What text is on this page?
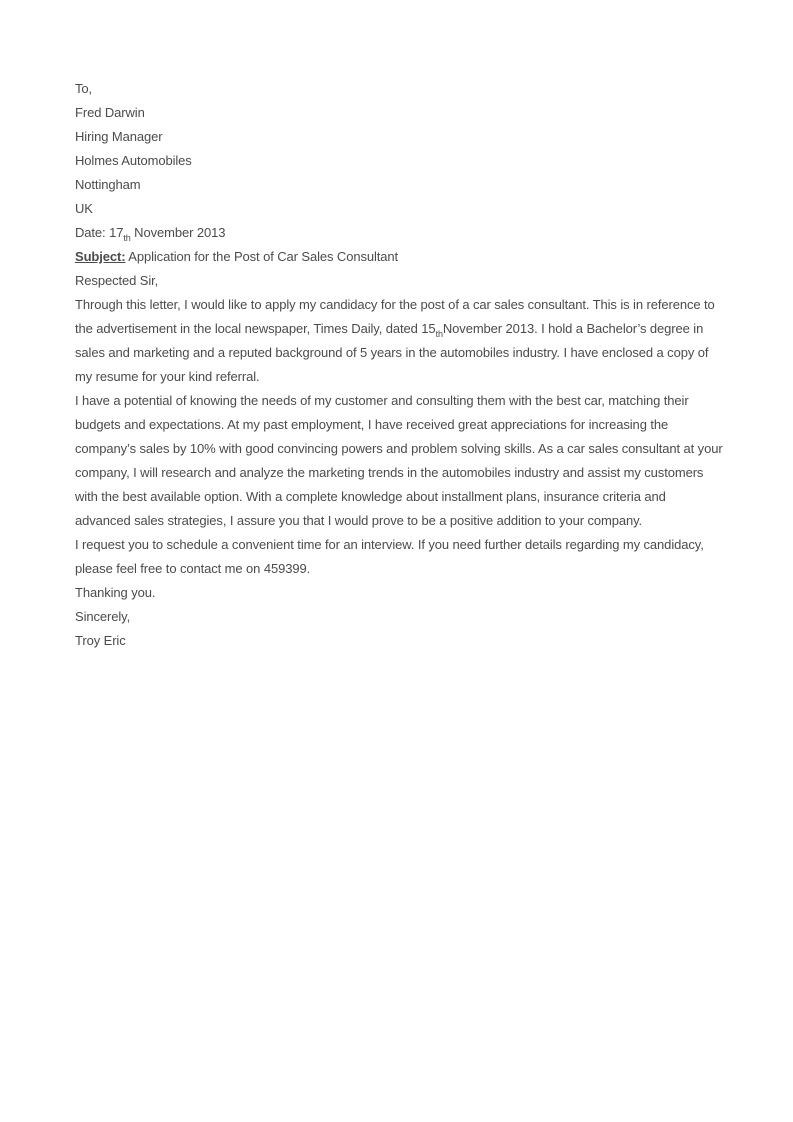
To,

Fred Darwin

Hiring Manager

Holmes Automobiles

Nottingham

UK

Date: $17_{th}$ November 2013

Subject: Application for the Post of Car Sales Consultant

Respected Sir,

Through this letter, I would like to apply my candidacy for the post of a car sales consultant. This is in reference to the advertisement in the local newspaper, Times Daily, dated $15_{th}November$ 2013. I hold a Bachelor’s degree in sales and marketing and a reputed background of 5 years in the automobiles industry. I have enclosed a copy of my resume for your kind referral.

I have a potential of knowing the needs of my customer and consulting them with the best car, matching their budgets and expectations. At my past employment, I have received great appreciations for increasing the company’s sales by 10% with good convincing powers and problem solving skills. As a car sales consultant at your company, I will research and analyze the marketing trends in the automobiles industry and assist my customers with the best available option. With a complete knowledge about installment plans, insurance criteria and advanced sales strategies, I assure you that I would prove to be a positive addition to your company.

I request you to schedule a convenient time for an interview. If you need further details regarding my candidacy, please feel free to contact me on 459399.

Thanking you.

Sincerely,

Troy Eric
